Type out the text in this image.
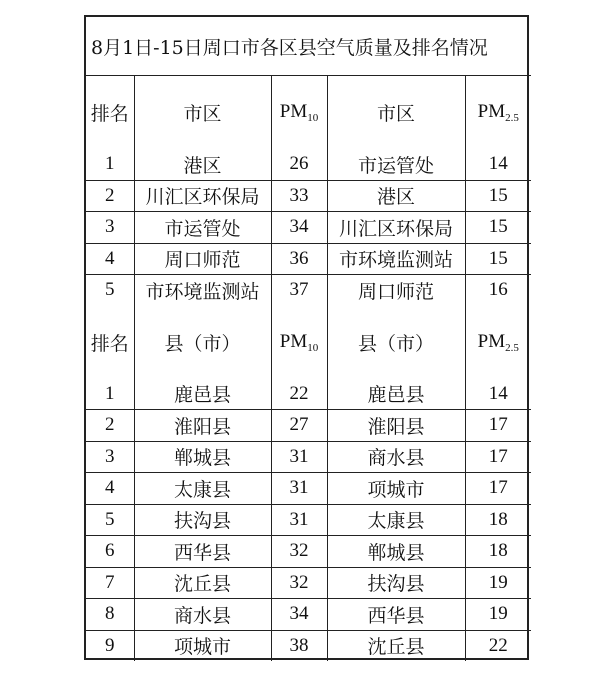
8月1日-15日周口市各区县空气质量及排名情况				
排名	市区	$PM_{10}$	市区	$PM_{2.5}$
1	港区	26	市运管处	14
2	川汇区环保局	33	港区	15
3	市运管处	34	川汇区环保局	15
4	周口师范	36	市环境监测站	15
5	市环境监测站	37	周口师范	16
排名	县（市）	$PM_{10}$	县（市）	$PM_{2.5}$
1	鹿邑县	22	鹿邑县	14
2	淮阳县	27	淮阳县	17
3	郸城县	31	商水县	17
4	太康县	31	项城市	17
5	扶沟县	31	太康县	18
6	西华县	32	郸城县	18
7	沈丘县	32	扶沟县	19
8	商水县	34	西华县	19
9	项城市	38	沈丘县	22
